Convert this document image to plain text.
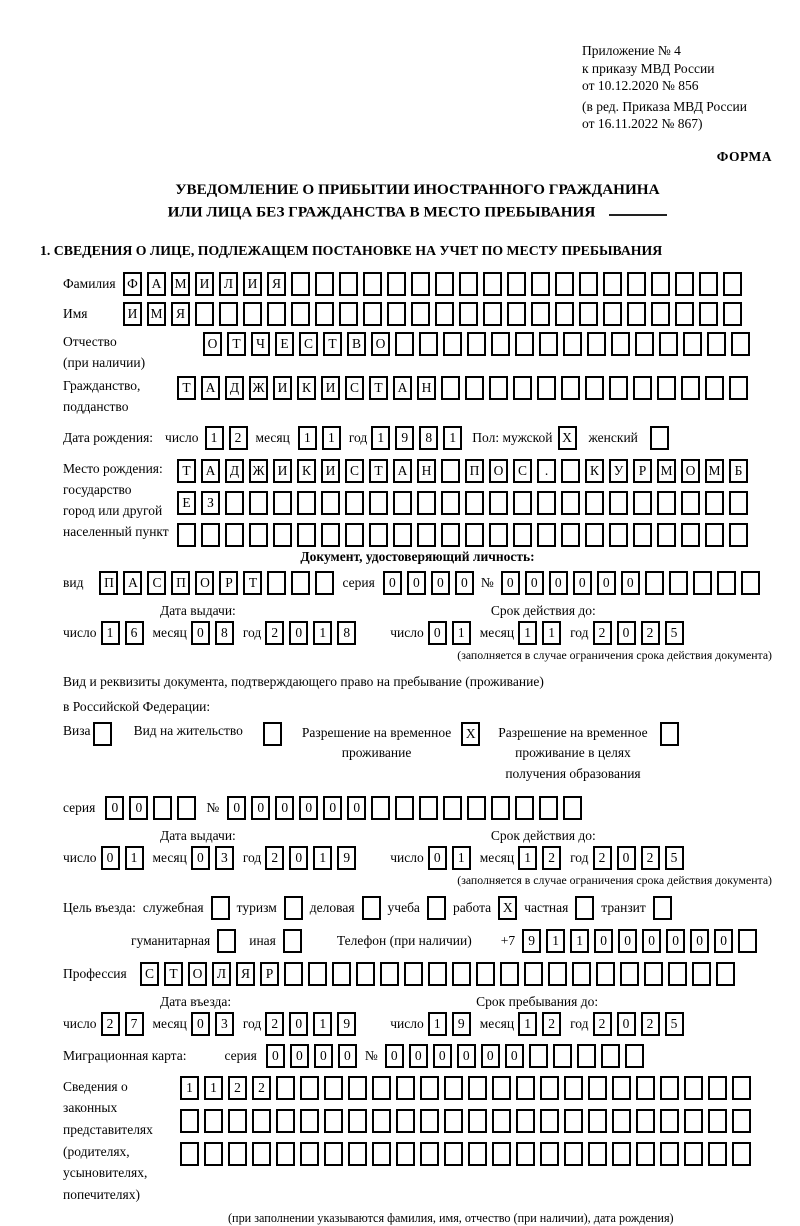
Приложение № 4
к приказу МВД России
от 10.12.2020 № 856
(в ред. Приказа МВД России
от 16.11.2022 № 867)
ФОРМА
УВЕДОМЛЕНИЕ О ПРИБЫТИИ ИНОСТРАННОГО ГРАЖДАНИНА
ИЛИ ЛИЦА БЕЗ ГРАЖДАНСТВА В МЕСТО ПРЕБЫВАНИЯ
1. СВЕДЕНИЯ О ЛИЦЕ, ПОДЛЕЖАЩЕМ ПОСТАНОВКЕ НА УЧЕТ ПО МЕСТУ ПРЕБЫВАНИЯ
Фамилия Ф	А М И	Л	И	Я
Имя	И М Я
Отчество
(при наличии)
О	Т	Ч	Е	С	Т	В	О
Гражданство,
подданство
Т	А	Д Ж И	К	И	С	Т	А	Н
Дата рождения: число 1	2	месяц	1	1	год 1	9	8	1	Пол: мужской X	женский
Место рождения:
государство
город или другой
населенный пункт
Т	А	Д Ж И	К	И	С	Т	А	Н	П	О	С	.	К	У	Р	М О М	Б
Е	З
Документ, удостоверяющий личность:
вид	П	А	С	П	О	Р	Т	серия	0	0	0	0 № 0	0	0	0	0	0
Дата выдачи:	Срок действия до:
число 1	6	месяц 0	8	год 2	0	1	8	число 0	1	месяц 1	1	год 2	0	2	5
(заполняется в случае ограничения срока действия документа)
Вид и реквизиты документа, подтверждающего право на пребывание (проживание)
в Российской Федерации:
Виза	Вид на жительство	Разрешение на временное
проживание
X	Разрешение на временное
проживание в целях
получения образования
серия	0	0	№	0	0	0	0	0	0
Дата выдачи:	Срок действия до:
число 0	1	месяц 0	3	год 2	0	1	9	число 0	1	месяц 1	2	год 2	0	2	5
(заполняется в случае ограничения срока действия документа)
Цель въезда: служебная туризм деловая учеба работа X частная транзит
гуманитарная	иная	Телефон (при наличии) +7 9	1	1	0	0	0	0	0	0
Профессия	С	Т	О	Л	Я	Р
Дата въезда:	Срок пребывания до:
число 2	7	месяц 0	3	год 2	0	1	9	число 1	9	месяц 1	2	год 2	0	2	5
Миграционная карта:	серия	0	0	0	0	№ 0	0	0	0	0	0
Сведения о
законных
представителях
(родителях,
усыновителях,
попечителях)
1	1	2	2
(при заполнении указываются фамилия, имя, отчество (при наличии), дата рождения)
